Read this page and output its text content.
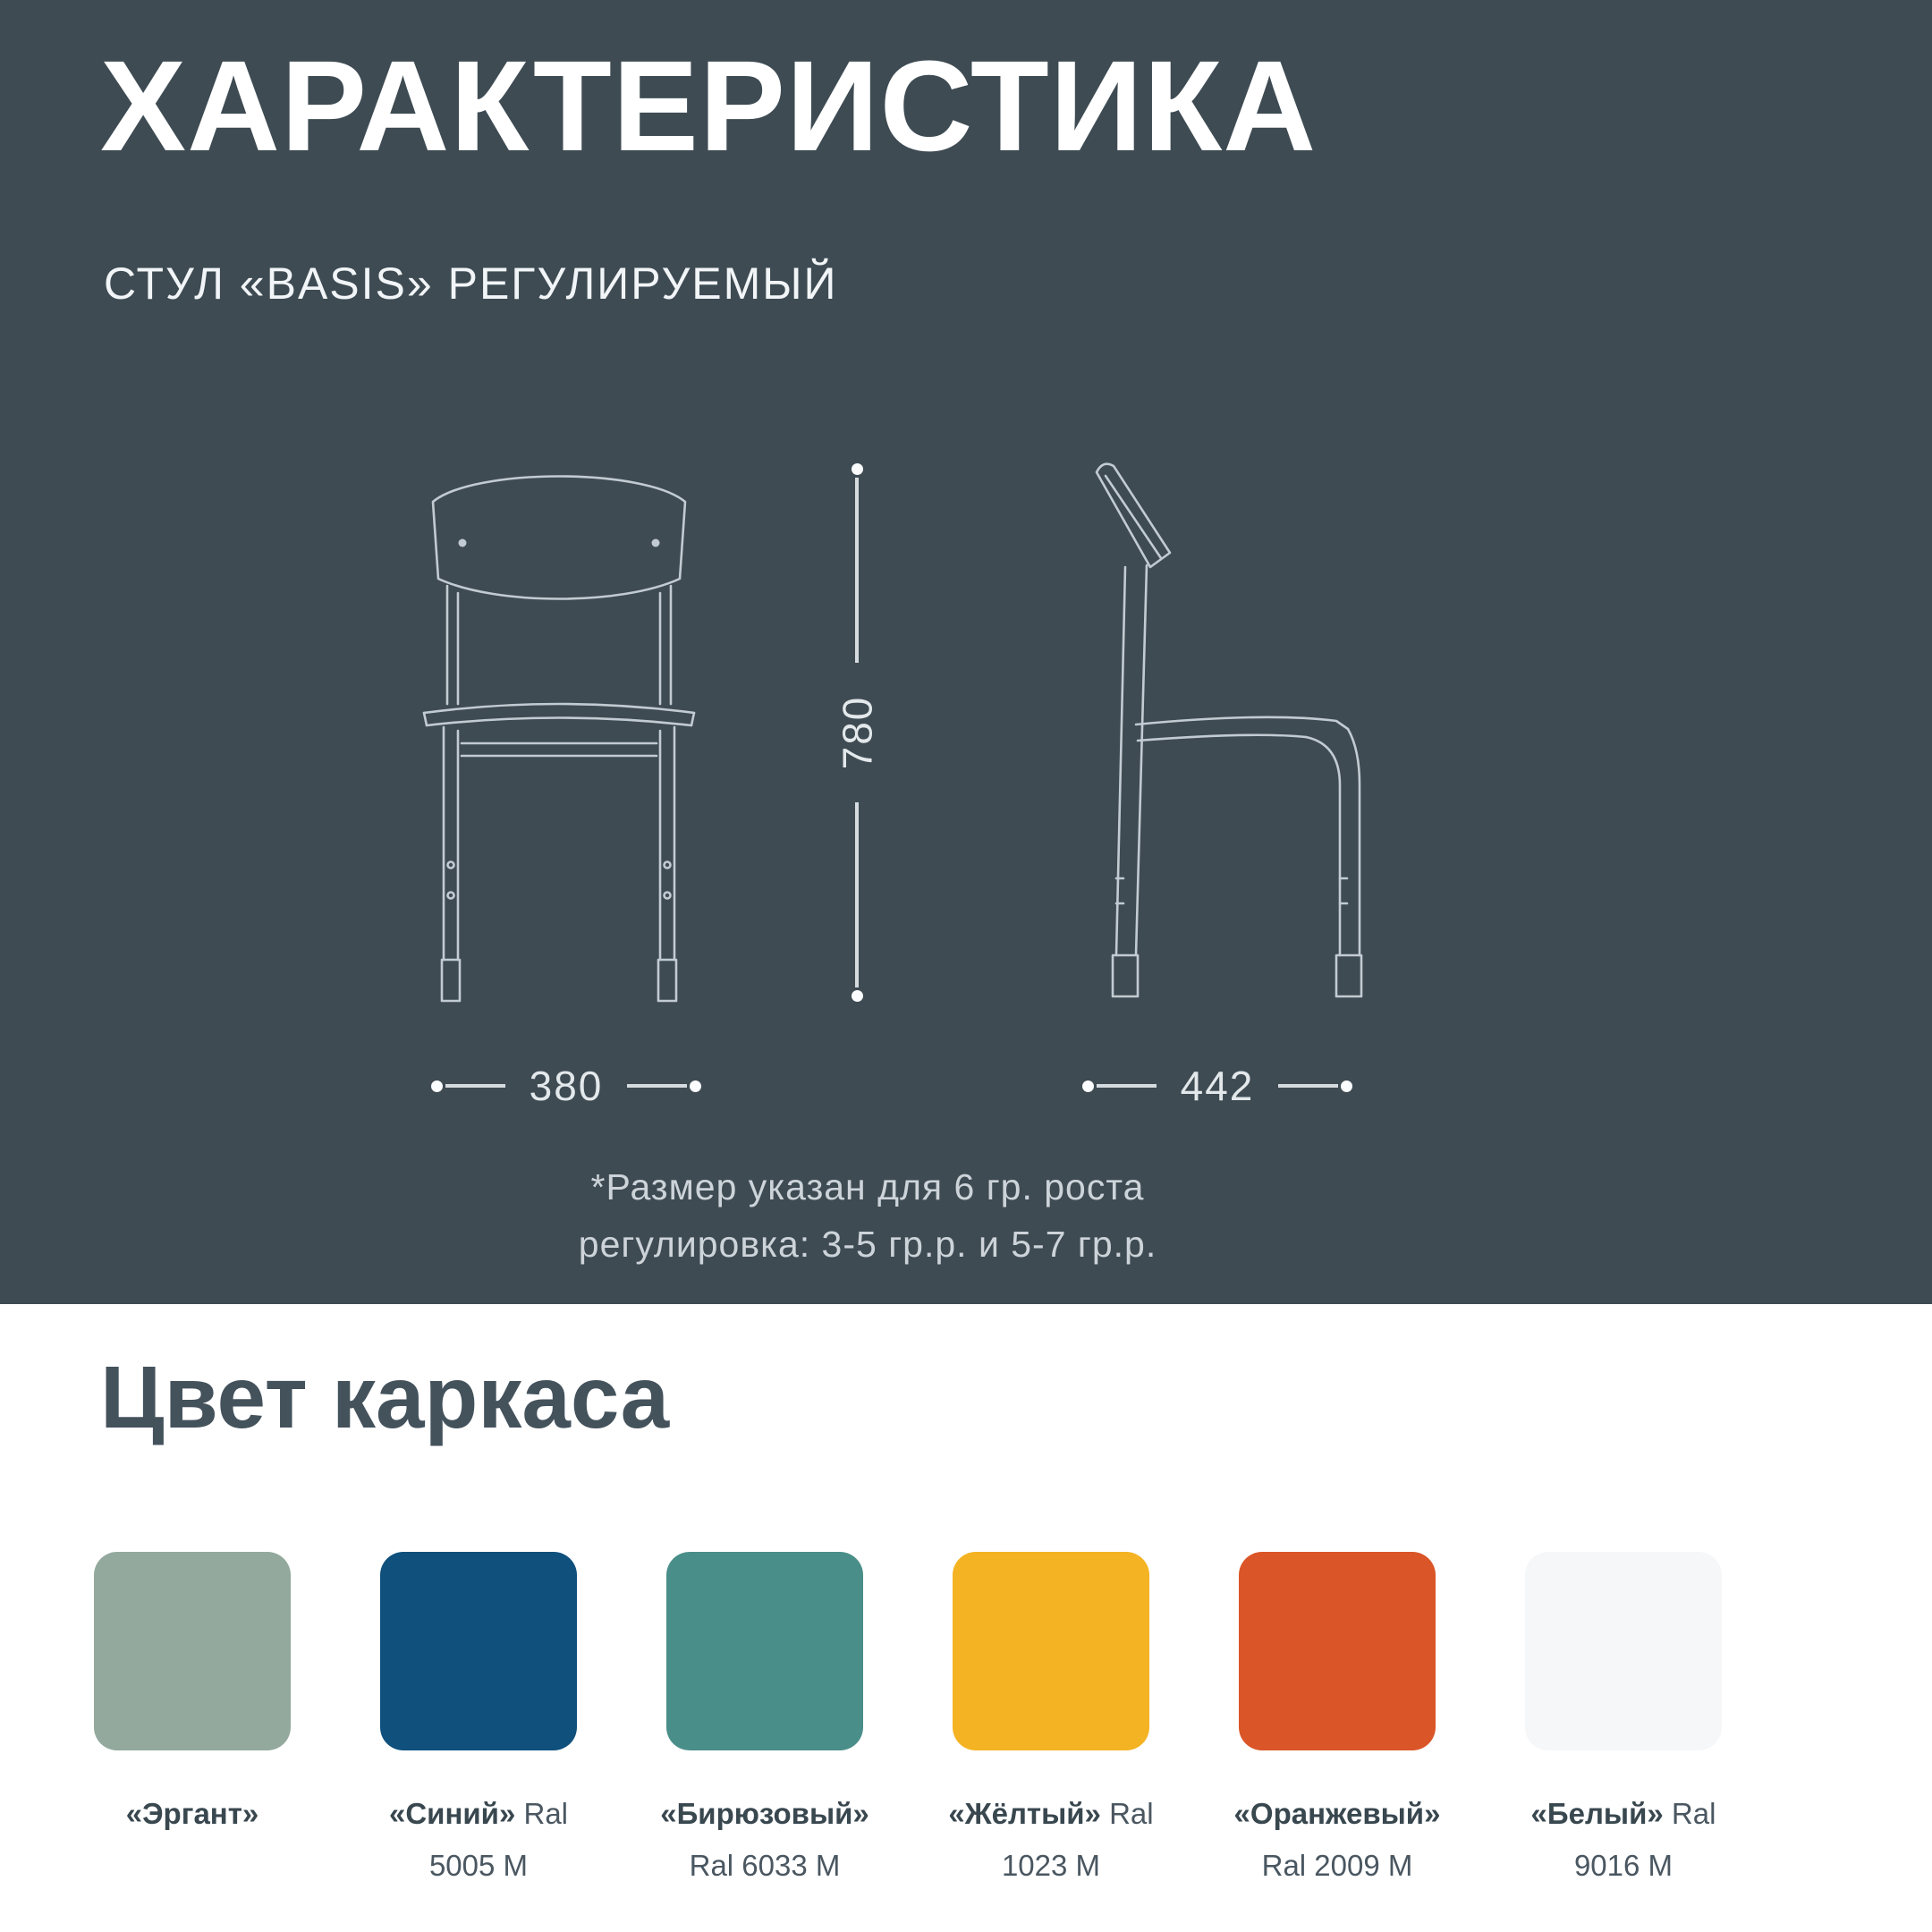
ХАРАКТЕРИСТИКА
СТУЛ «BASIS» РЕГУЛИРУЕМЫЙ
780
380	442
*Размер указан для 6 гр. роста
регулировка: 3-5 гр.р. и 5-7 гр.р.
Цвет каркаса
«Эргант»	«Синий» Ral 5005 M
«Бирюзовый» Ral 6033 M
«Жёлтый» Ral 1023 M
«Оранжевый» Ral 2009 M
«Белый» Ral 9016 M
